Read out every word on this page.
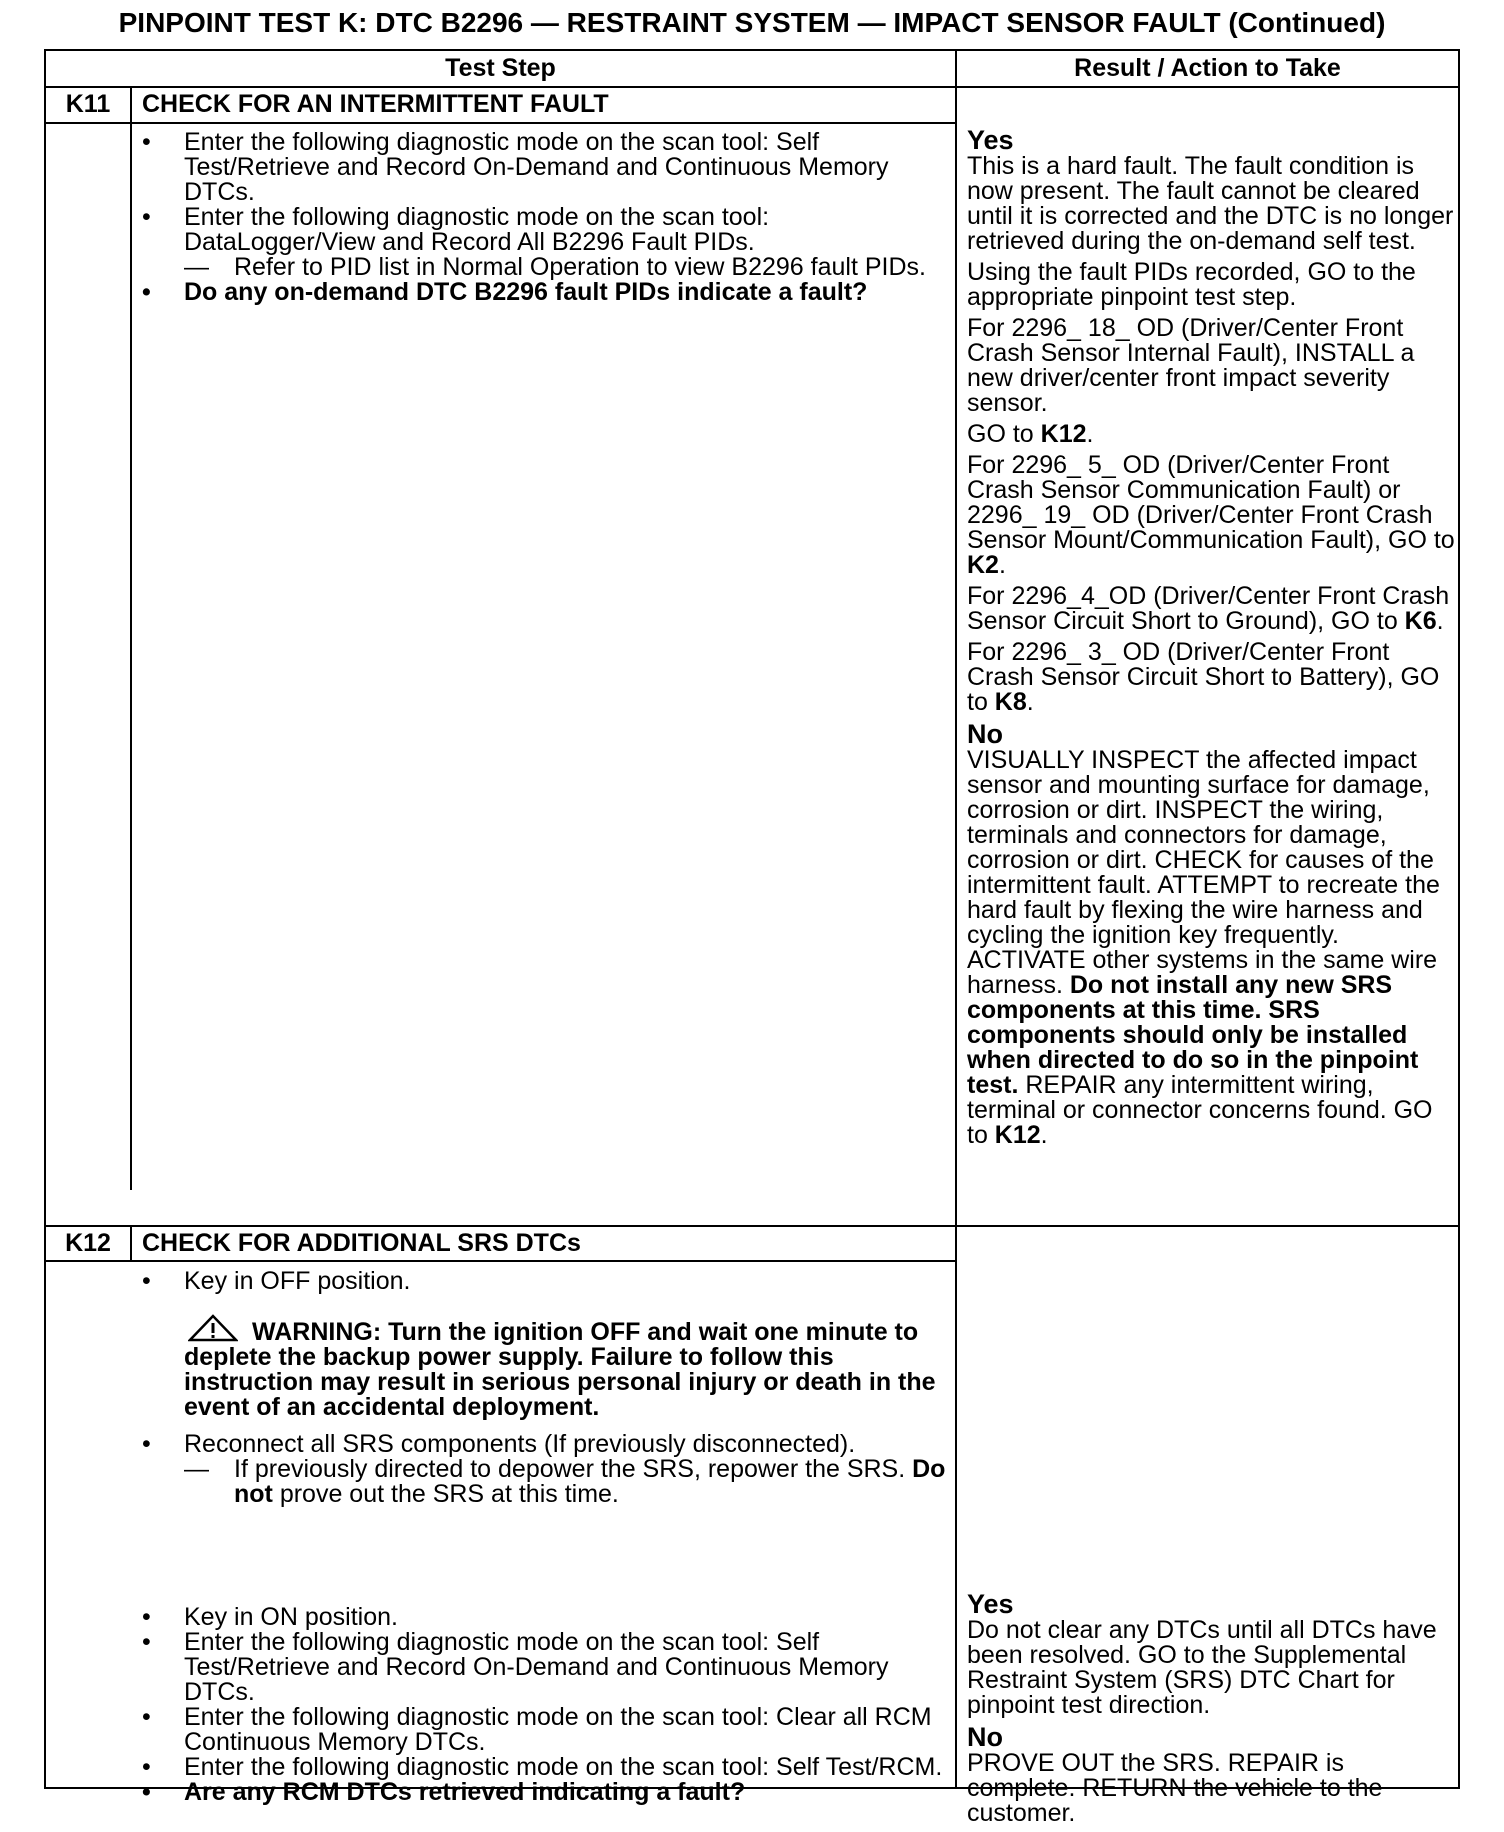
PINPOINT TEST K: DTC B2296 — RESTRAINT SYSTEM — IMPACT SENSOR FAULT (Continued)
Test Step	Result / Action to Take
K11	CHECK FOR AN INTERMITTENT FAULT
• Enter the following diagnostic mode on the scan tool: Self Test/Retrieve and Record On-Demand and Continuous Memory DTCs.
• Enter the following diagnostic mode on the scan tool: DataLogger/View and Record All B2296 Fault PIDs.
— Refer to PID list in Normal Operation to view B2296 fault PIDs.
• Do any on-demand DTC B2296 fault PIDs indicate a fault?
Yes

This is a hard fault. The fault condition is now present. The fault cannot be cleared until it is corrected and the DTC is no longer retrieved during the on-demand self test.

Using the fault PIDs recorded, GO to the appropriate pinpoint test step.

For 2296_ 18_ OD (Driver/Center Front Crash Sensor Internal Fault), INSTALL a new driver/center front impact severity sensor.

GO to K12.

For 2296_ 5_ OD (Driver/Center Front Crash Sensor Communication Fault) or 2296_ 19_ OD (Driver/Center Front Crash Sensor Mount/Communication Fault), GO to K2.

For 2296_4_OD (Driver/Center Front Crash Sensor Circuit Short to Ground), GO to K6.

For 2296_ 3_ OD (Driver/Center Front Crash Sensor Circuit Short to Battery), GO to K8.

No

VISUALLY INSPECT the affected impact sensor and mounting surface for damage, corrosion or dirt. INSPECT the wiring, terminals and connectors for damage, corrosion or dirt. CHECK for causes of the intermittent fault. ATTEMPT to recreate the hard fault by flexing the wire harness and cycling the ignition key frequently. ACTIVATE other systems in the same wire harness. Do not install any new SRS components at this time. SRS components should only be installed when directed to do so in the pinpoint test. REPAIR any intermittent wiring, terminal or connector concerns found. GO to K12.

K12	CHECK FOR ADDITIONAL SRS DTCs
• Key in OFF position.
WARNING: Turn the ignition OFF and wait one minute to deplete the backup power supply. Failure to follow this instruction may result in serious personal injury or death in the event of an accidental deployment.
• Reconnect all SRS components (If previously disconnected).
— If previously directed to depower the SRS, repower the SRS. Do not prove out the SRS at this time.
• Key in ON position.
• Enter the following diagnostic mode on the scan tool: Self Test/Retrieve and Record On-Demand and Continuous Memory DTCs.
• Enter the following diagnostic mode on the scan tool: Clear all RCM Continuous Memory DTCs.
• Enter the following diagnostic mode on the scan tool: Self Test/RCM.
• Are any RCM DTCs retrieved indicating a fault?
Yes

Do not clear any DTCs until all DTCs have been resolved. GO to the Supplemental Restraint System (SRS) DTC Chart for pinpoint test direction.

No

PROVE OUT the SRS. REPAIR is complete. RETURN the vehicle to the customer.
